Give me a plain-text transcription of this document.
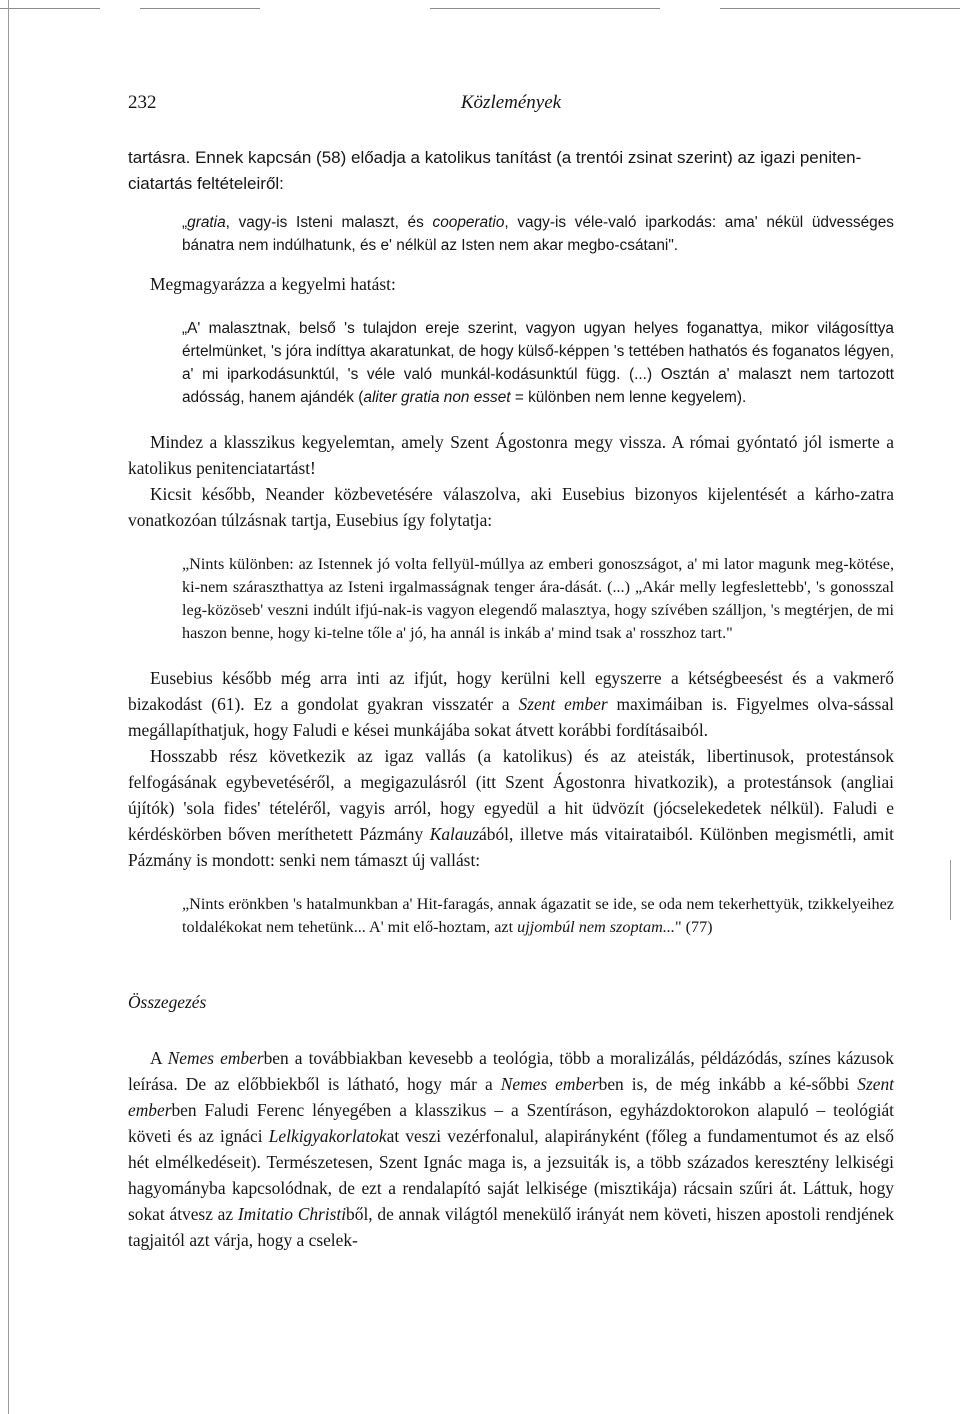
232	Közlemények

tartásra. Ennek kapcsán (58) előadja a katolikus tanítást (a trentói zsinat szerint) az igazi peniten-
ciatartás feltételeiről:

„gratia, vagy-is Isteni malaszt, és cooperatio, vagy-is véle-való iparkodás: ama' nékül üdvességes bánatra nem indúlhatunk, és e' nélkül az Isten nem akar megbo-csátani".

Megmagyarázza a kegyelmi hatást:

„A' malasztnak, belső 's tulajdon ereje szerint, vagyon ugyan helyes foganattya, mikor világosíttya értelmünket, 's jóra indíttya akaratunkat, de hogy külső-képpen 's tettében hathatós és foganatos légyen, a' mi iparkodásunktúl, 's véle való munkál-kodásunktúl függ. (...) Osztán a' malaszt nem tartozott adósság, hanem ajándék (aliter gratia non esset = különben nem lenne kegyelem).

Mindez a klasszikus kegyelemtan, amely Szent Ágostonra megy vissza. A római gyóntató jól ismerte a katolikus penitenciatartást!

Kicsit később, Neander közbevetésére válaszolva, aki Eusebius bizonyos kijelentését a kárho-zatra vonatkozóan túlzásnak tartja, Eusebius így folytatja:

„Nints különben: az Istennek jó volta fellyül-múllya az emberi gonoszságot, a' mi lator magunk meg-kötése, ki-nem száraszthattya az Isteni irgalmasságnak tenger ára-dását. (...) „Akár melly legfeslettebb', 's gonosszal leg-közöseb' veszni indúlt ifjú-nak-is vagyon elegendő malasztya, hogy szívében szálljon, 's megtérjen, de mi haszon benne, hogy ki-telne tőle a' jó, ha annál is inkáb a' mind tsak a' rosszhoz tart."

Eusebius később még arra inti az ifjút, hogy kerülni kell egyszerre a kétségbeesést és a vakmerő bizakodást (61). Ez a gondolat gyakran visszatér a Szent ember maximáiban is. Figyelmes olva-sással megállapíthatjuk, hogy Faludi e kései munkájába sokat átvett korábbi fordításaiból.

Hosszabb rész következik az igaz vallás (a katolikus) és az ateisták, libertinusok, protestánsok felfogásának egybevetéséről, a megigazulásról (itt Szent Ágostonra hivatkozik), a protestánsok (angliai újítók) 'sola fides' tételéről, vagyis arról, hogy egyedül a hit üdvözít (jócselekedetek nélkül). Faludi e kérdéskörben bőven meríthetett Pázmány Kalauzából, illetve más vitairataiból. Különben megismétli, amit Pázmány is mondott: senki nem támaszt új vallást:

„Nints erönkben 's hatalmunkban a' Hit-faragás, annak ágazatit se ide, se oda nem tekerhettyük, tzikkelyeihez toldalékokat nem tehetünk... A' mit elő-hoztam, azt ujjombúl nem szoptam..." (77)

Összegezés

A Nemes emberben a továbbiakban kevesebb a teológia, több a moralizálás, példázódás, színes kázusok leírása. De az előbbiekből is látható, hogy már a Nemes emberben is, de még inkább a ké-sőbbi Szent emberben Faludi Ferenc lényegében a klasszikus – a Szentíráson, egyházdoktorokon alapuló – teológiát követi és az ignáci Lelkigyakorlatokat veszi vezérfonalul, alapirányként (főleg a fundamentumot és az első hét elmélkedéseit). Természetesen, Szent Ignác maga is, a jezsuiták is, a több százados keresztény lelkiségi hagyományba kapcsolódnak, de ezt a rendalapító saját lelkisége (misztikája) rácsain szűri át. Láttuk, hogy sokat átvesz az Imitatio Christiből, de annak világtól menekülő irányát nem követi, hiszen apostoli rendjének tagjaitól azt várja, hogy a cselek-
